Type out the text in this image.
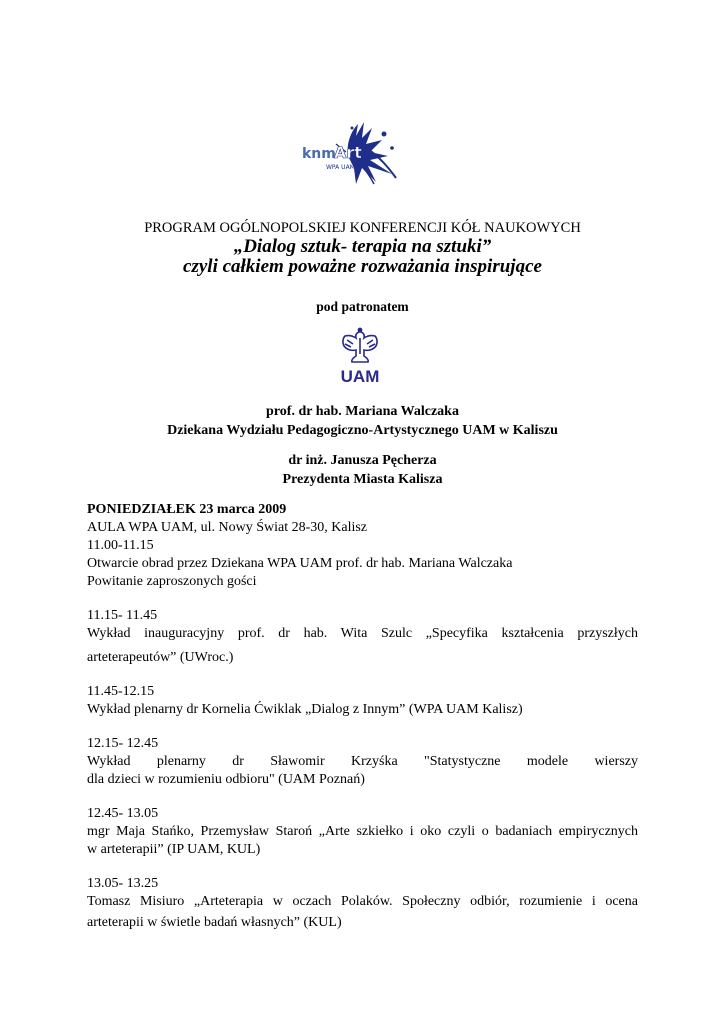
knm
Art
WPA UAM
PROGRAM OGÓLNOPOLSKIEJ KONFERENCJI KÓŁ NAUKOWYCH
„Dialog sztuk- terapia na sztuki”
czyli całkiem poważne rozważania inspirujące
pod patronatem
UAM
prof. dr hab. Mariana Walczaka
Dziekana Wydziału Pedagogiczno-Artystycznego UAM w Kaliszu
dr inż. Janusza Pęcherza
Prezydenta Miasta Kalisza
PONIEDZIAŁEK 23 marca 2009
AULA WPA UAM, ul. Nowy Świat 28-30, Kalisz
11.00-11.15
Otwarcie obrad przez Dziekana WPA UAM prof. dr hab. Mariana Walczaka
Powitanie zaproszonych gości
11.15- 11.45
Wykład inauguracyjny prof. dr hab. Wita Szulc „Specyfika kształcenia przyszłych
arteterapeutów” (UWroc.)
11.45-12.15
Wykład plenarny dr Kornelia Ćwiklak „Dialog z Innym” (WPA UAM Kalisz)
12.15- 12.45
Wykład plenarny dr Sławomir Krzyśka "Statystyczne modele wierszy
dla dzieci w rozumieniu odbioru" (UAM Poznań)
12.45- 13.05
mgr Maja Stańko, Przemysław Staroń „Arte szkiełko i oko czyli o badaniach empirycznych
w arteterapii” (IP UAM, KUL)
13.05- 13.25
Tomasz Misiuro „Arteterapia w oczach Polaków. Społeczny odbiór, rozumienie i ocena
arteterapii w świetle badań własnych” (KUL)
